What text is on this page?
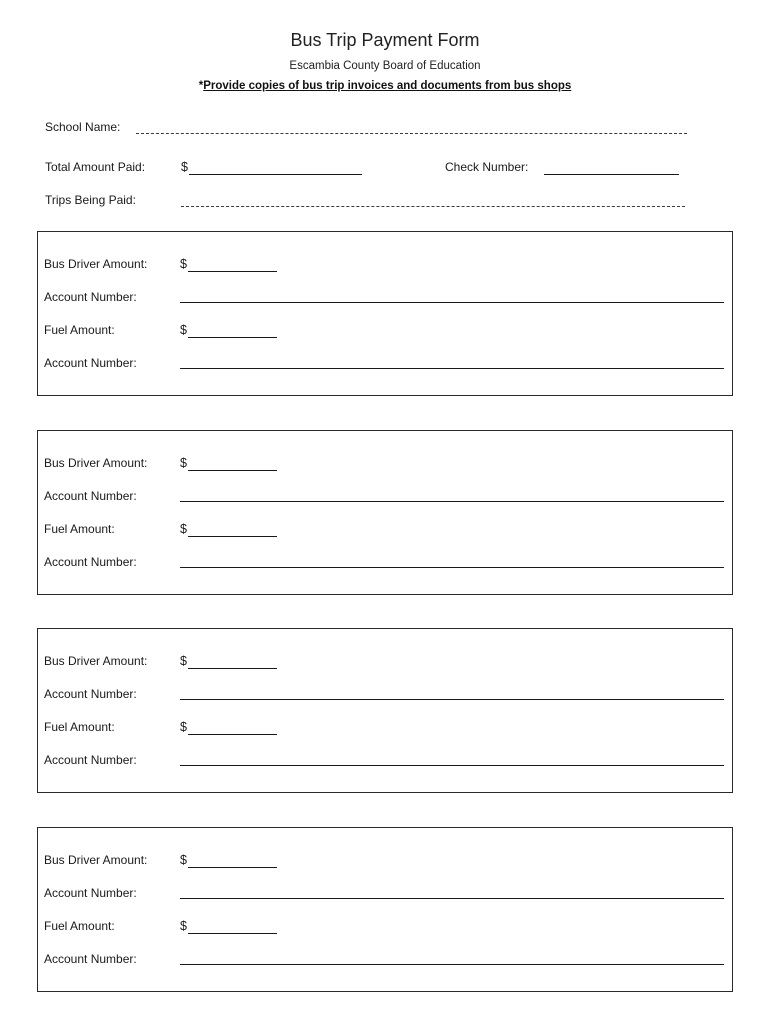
Bus Trip Payment Form
Escambia County Board of Education
*Provide copies of bus trip invoices and documents from bus shops
School Name:
Total Amount Paid:	$	Check Number:
Trips Being Paid:
Bus Driver Amount:	$
Account Number:
Fuel Amount:	$
Account Number:
Bus Driver Amount:	$
Account Number:
Fuel Amount:	$
Account Number:
Bus Driver Amount:	$
Account Number:
Fuel Amount:	$
Account Number:
Bus Driver Amount:	$
Account Number:
Fuel Amount:	$
Account Number:
